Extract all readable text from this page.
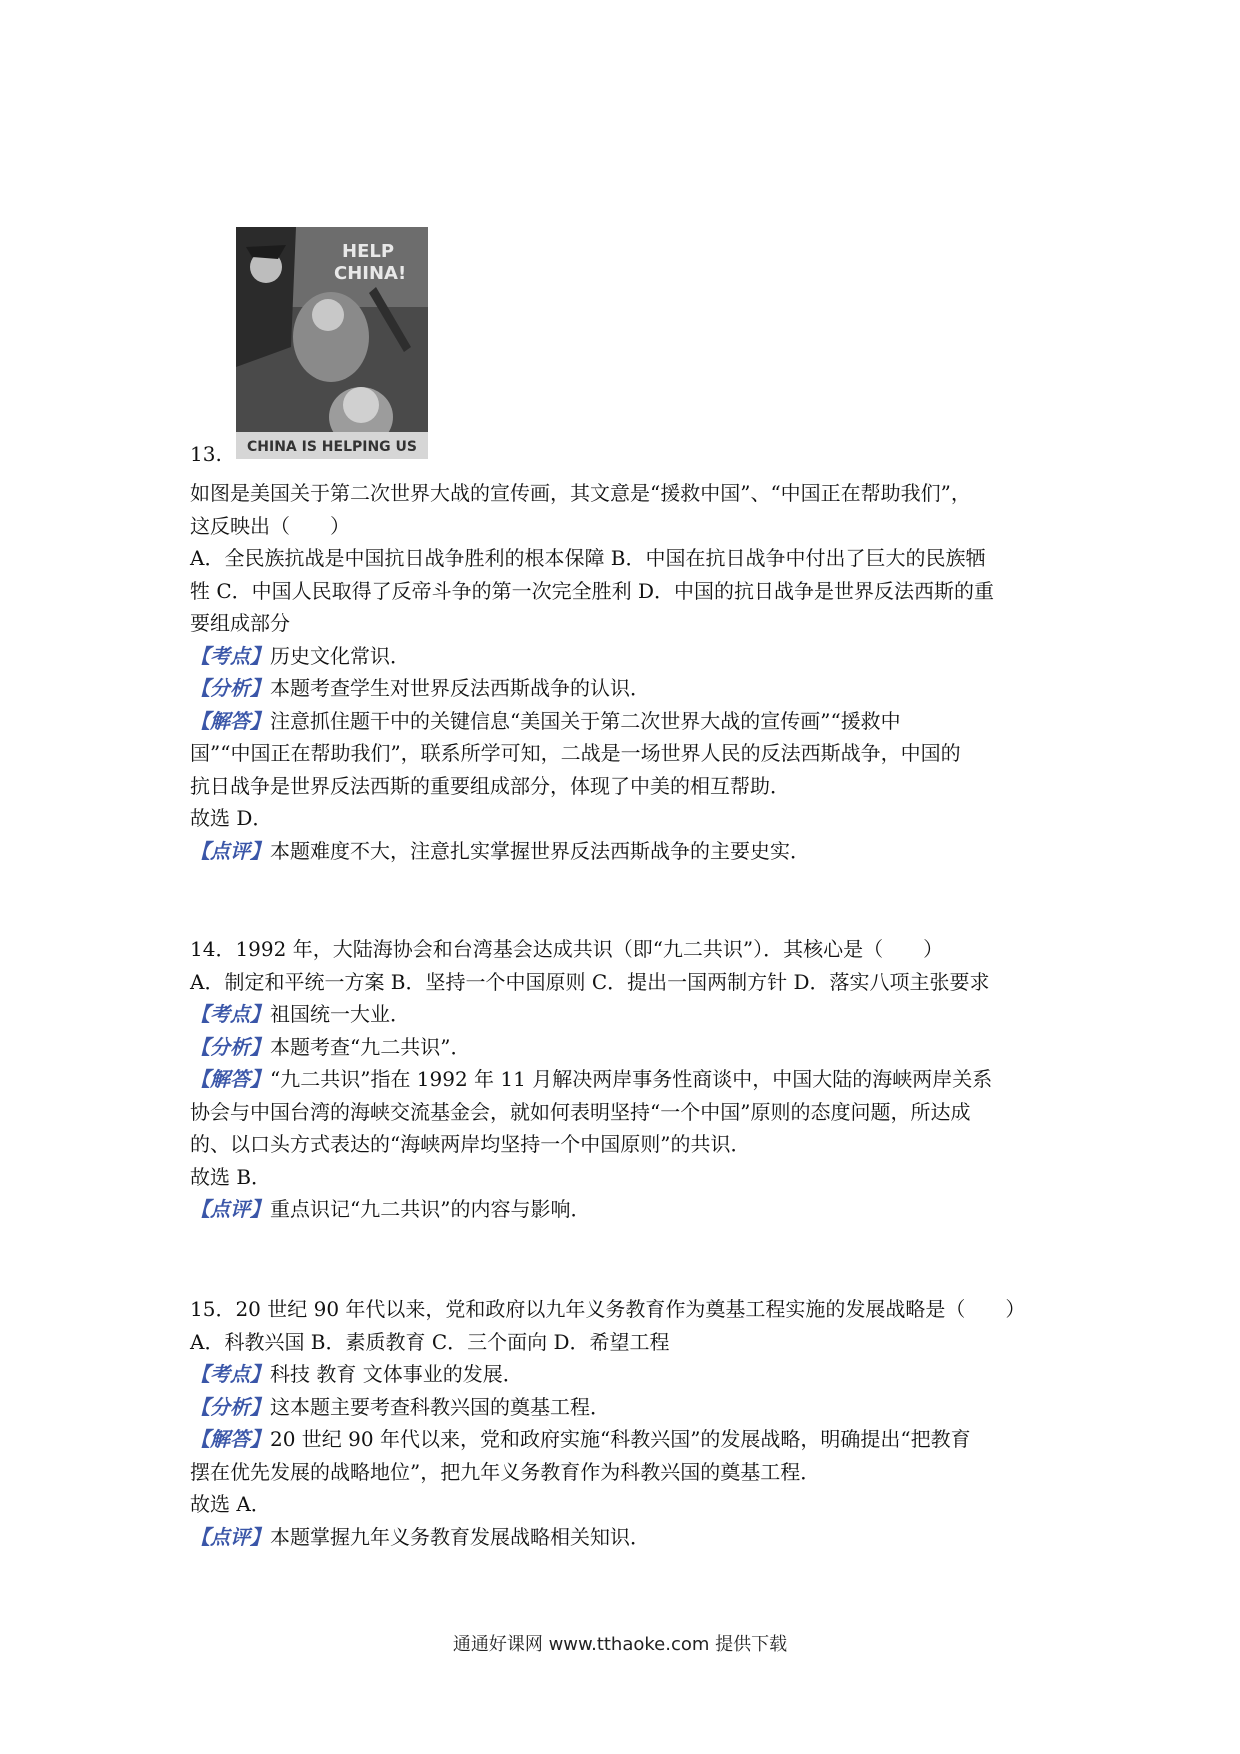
HELP
CHINA!
CHINA IS HELPING US
13.
如图是美国关于第二次世界大战的宣传画，其文意是“援救中国”、“中国正在帮助我们”，
这反映出（　　）
A．全民族抗战是中国抗日战争胜利的根本保障 B．中国在抗日战争中付出了巨大的民族牺
牲 C．中国人民取得了反帝斗争的第一次完全胜利 D．中国的抗日战争是世界反法西斯的重
要组成部分
【考点】历史文化常识．
【分析】本题考查学生对世界反法西斯战争的认识．
【解答】注意抓住题干中的关键信息“美国关于第二次世界大战的宣传画”“援救中
国”“中国正在帮助我们”，联系所学可知，二战是一场世界人民的反法西斯战争，中国的
抗日战争是世界反法西斯的重要组成部分，体现了中美的相互帮助．
故选 D．
【点评】本题难度不大，注意扎实掌握世界反法西斯战争的主要史实．
14．1992 年，大陆海协会和台湾基会达成共识（即“九二共识”）．其核心是（　　）
A．制定和平统一方案 B．坚持一个中国原则 C．提出一国两制方针 D．落实八项主张要求
【考点】祖国统一大业．
【分析】本题考查“九二共识”．
【解答】“九二共识”指在 1992 年 11 月解决两岸事务性商谈中，中国大陆的海峡两岸关系
协会与中国台湾的海峡交流基金会，就如何表明坚持“一个中国”原则的态度问题，所达成
的、以口头方式表达的“海峡两岸均坚持一个中国原则”的共识．
故选 B．
【点评】重点识记“九二共识”的内容与影响．
15．20 世纪 90 年代以来，党和政府以九年义务教育作为奠基工程实施的发展战略是（　　）
A．科教兴国 B．素质教育 C．三个面向 D．希望工程
【考点】科技 教育 文体事业的发展．
【分析】这本题主要考查科教兴国的奠基工程．
【解答】20 世纪 90 年代以来，党和政府实施“科教兴国”的发展战略，明确提出“把教育
摆在优先发展的战略地位”，把九年义务教育作为科教兴国的奠基工程．
故选 A．
【点评】本题掌握九年义务教育发展战略相关知识．
通通好课网 www.tthaoke.com 提供下载
